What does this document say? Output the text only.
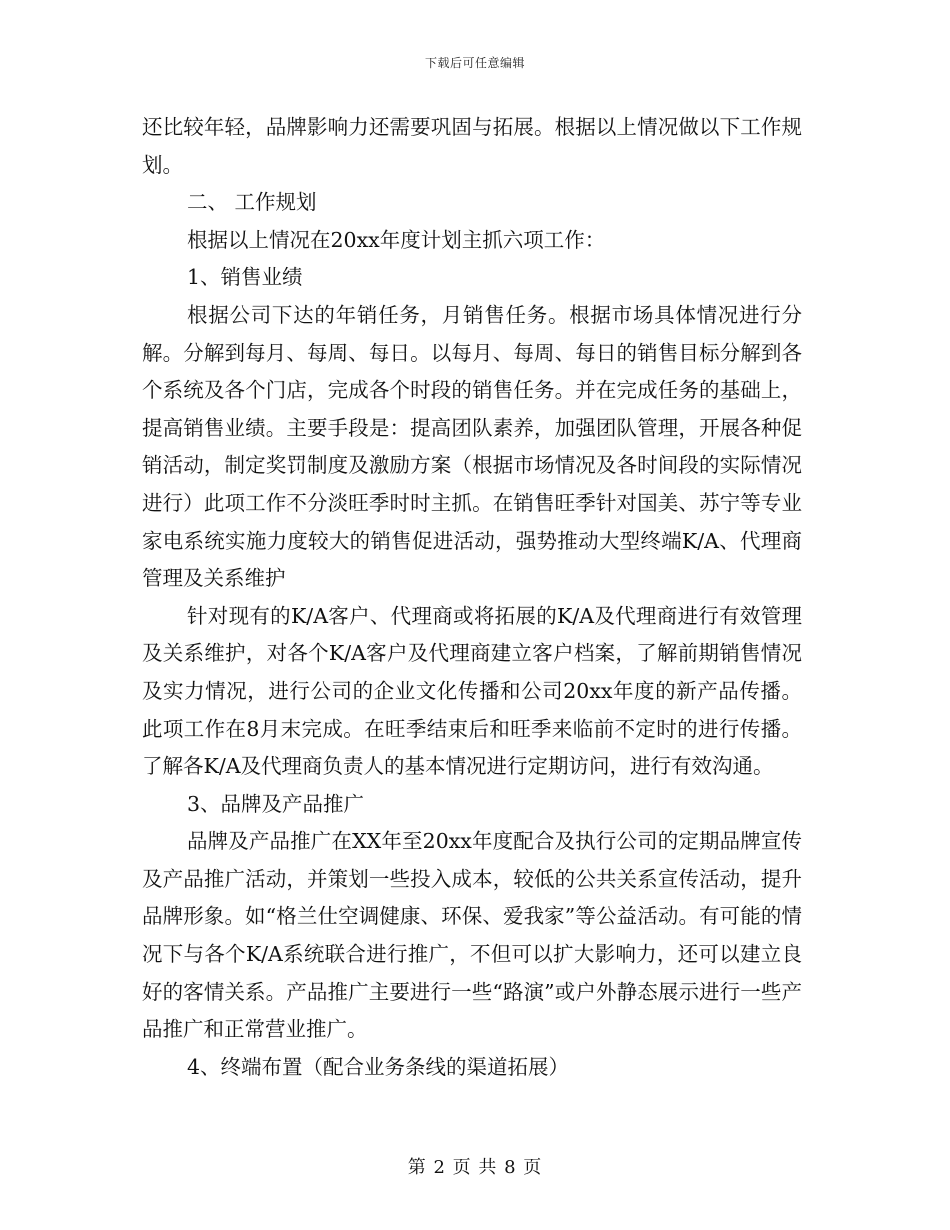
下载后可任意编辑

还比较年轻，品牌影响力还需要巩固与拓展。根据以上情况做以下工作规划。

二、 工作规划

根据以上情况在20xx年度计划主抓六项工作：

1、销售业绩

根据公司下达的年销任务，月销售任务。根据市场具体情况进行分解。分解到每月、每周、每日。以每月、每周、每日的销售目标分解到各个系统及各个门店，完成各个时段的销售任务。并在完成任务的基础上，提高销售业绩。主要手段是：提高团队素养，加强团队管理，开展各种促销活动，制定奖罚制度及激励方案（根据市场情况及各时间段的实际情况进行）此项工作不分淡旺季时时主抓。在销售旺季针对国美、苏宁等专业家电系统实施力度较大的销售促进活动，强势推动大型终端K/A、代理商管理及关系维护

针对现有的K/A客户、代理商或将拓展的K/A及代理商进行有效管理及关系维护，对各个K/A客户及代理商建立客户档案，了解前期销售情况及实力情况，进行公司的企业文化传播和公司20xx年度的新产品传播。此项工作在8月末完成。在旺季结束后和旺季来临前不定时的进行传播。了解各K/A及代理商负责人的基本情况进行定期访问，进行有效沟通。

3、品牌及产品推广

品牌及产品推广在XX年至20xx年度配合及执行公司的定期品牌宣传及产品推广活动，并策划一些投入成本，较低的公共关系宣传活动，提升品牌形象。如“格兰仕空调健康、环保、爱我家”等公益活动。有可能的情况下与各个K/A系统联合进行推广，不但可以扩大影响力，还可以建立良好的客情关系。产品推广主要进行一些“路演”或户外静态展示进行一些产品推广和正常营业推广。

4、终端布置（配合业务条线的渠道拓展）

第 2 页 共 8 页
